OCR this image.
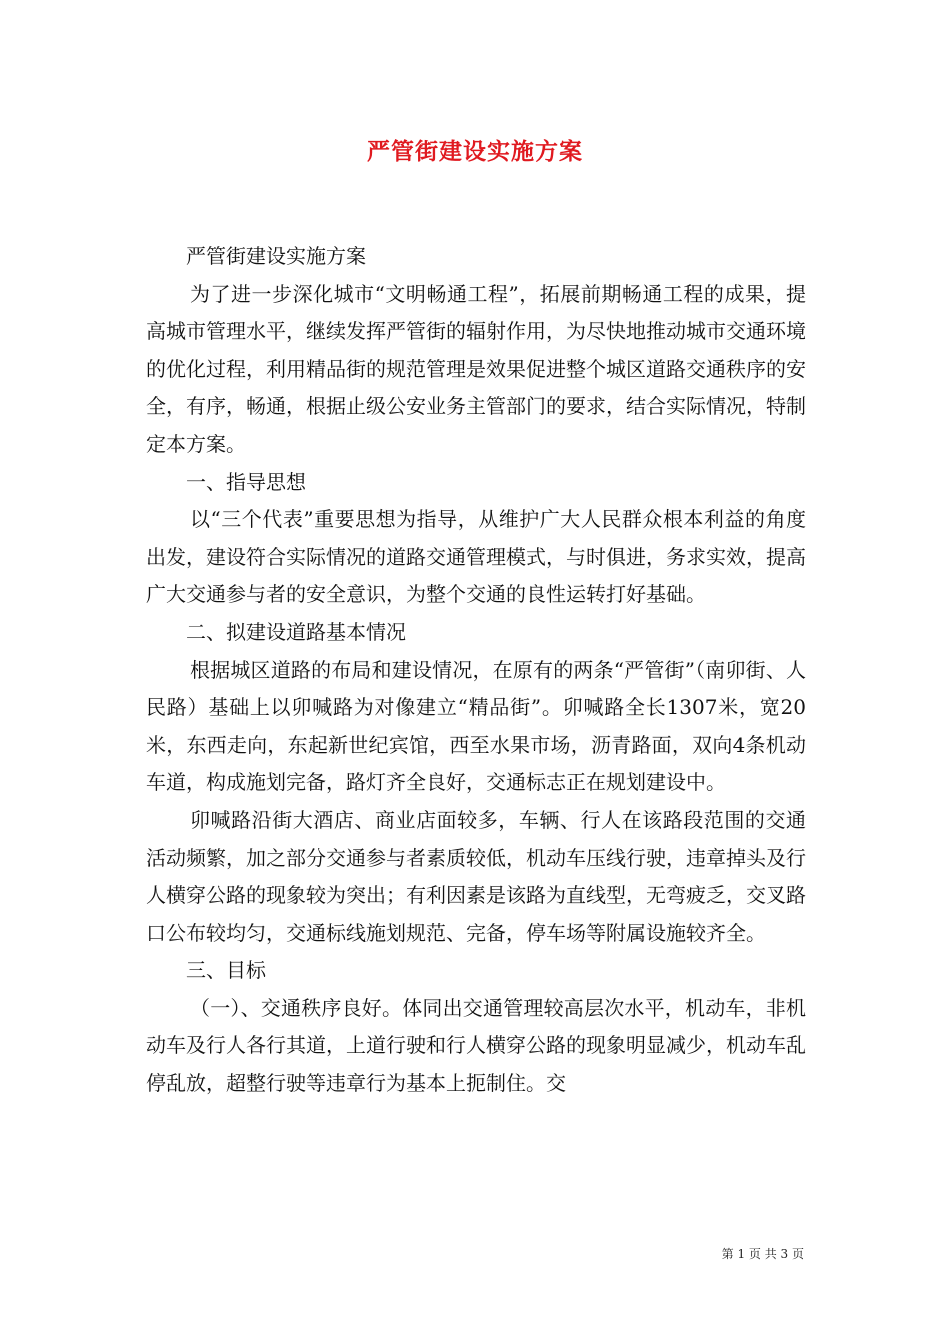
严管街建设实施方案

严管街建设实施方案

为了进一步深化城市“文明畅通工程”，拓展前期畅通工程的成果，提高城市管理水平，继续发挥严管街的辐射作用，为尽快地推动城市交通环境的优化过程，利用精品街的规范管理是效果促进整个城区道路交通秩序的安全，有序，畅通，根据止级公安业务主管部门的要求，结合实际情况，特制定本方案。

一、指导思想

以“三个代表”重要思想为指导，从维护广大人民群众根本利益的角度出发，建设符合实际情况的道路交通管理模式，与时俱进，务求实效，提高广大交通参与者的安全意识，为整个交通的良性运转打好基础。

二、拟建设道路基本情况

根据城区道路的布局和建设情况，在原有的两条“严管街”（南卯街、人民路）基础上以卯喊路为对像建立“精品街”。卯喊路全长1307米，宽20米，东西走向，东起新世纪宾馆，西至水果市场，沥青路面，双向4条机动车道，构成施划完备，路灯齐全良好，交通标志正在规划建设中。

卯喊路沿街大酒店、商业店面较多，车辆、行人在该路段范围的交通活动频繁，加之部分交通参与者素质较低，机动车压线行驶，违章掉头及行人横穿公路的现象较为突出；有利因素是该路为直线型，无弯疲乏，交叉路口公布较均匀，交通标线施划规范、完备，停车场等附属设施较齐全。

三、目标

（一）、交通秩序良好。体同出交通管理较高层次水平，机动车，非机动车及行人各行其道，上道行驶和行人横穿公路的现象明显减少，机动车乱停乱放，超整行驶等违章行为基本上扼制住。交

第 1 页 共 3 页
